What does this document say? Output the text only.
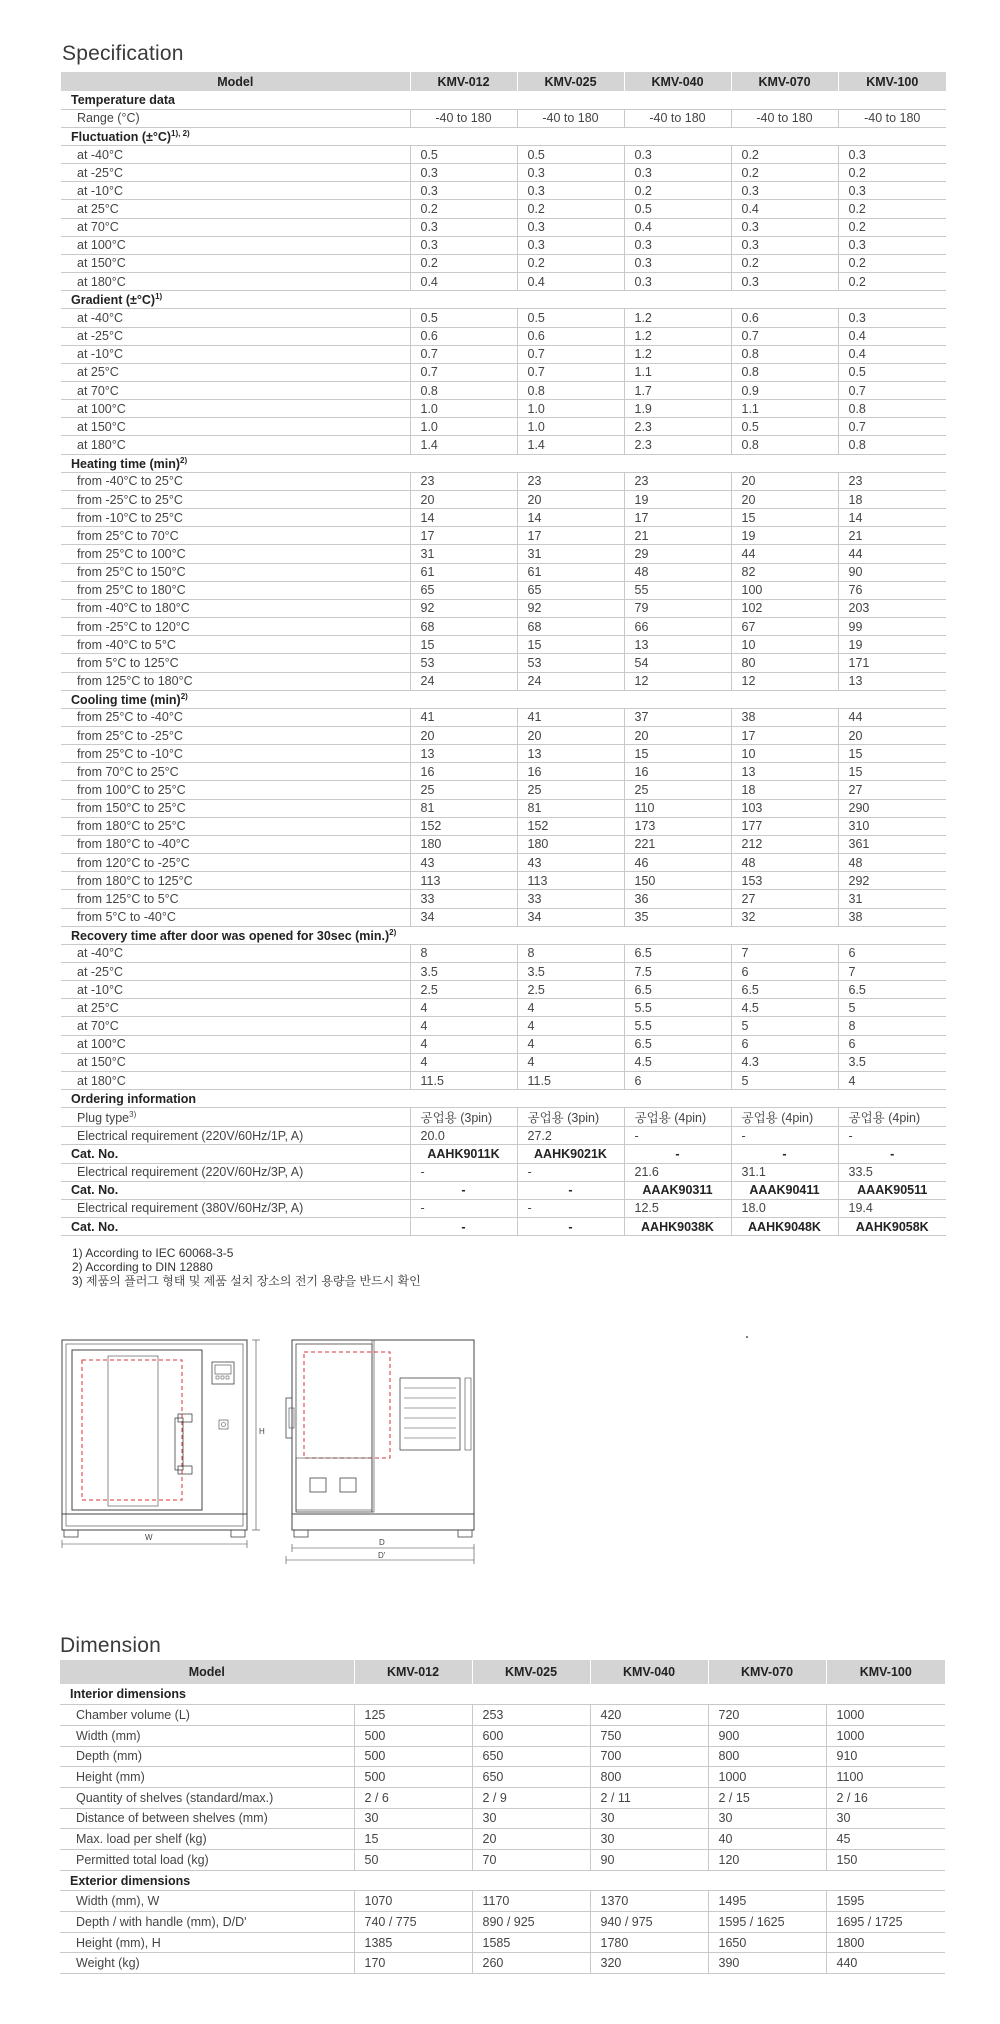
Specification
Model	KMV-012	KMV-025	KMV-040	KMV-070	KMV-100
Temperature data					
Range (°C)	-40 to 180	-40 to 180	-40 to 180	-40 to 180	-40 to 180
Fluctuation $(\pm^\circ C)^{1), 2)}$
at -40°C	0.5	0.5	0.3	0.2	0.3
at -25°C	0.3	0.3	0.3	0.2	0.2
at -10°C	0.3	0.3	0.2	0.3	0.3
at 25°C	0.2	0.2	0.5	0.4	0.2
at 70°C	0.3	0.3	0.4	0.3	0.2
at 100°C	0.3	0.3	0.3	0.3	0.3
at 150°C	0.2	0.2	0.3	0.2	0.2
at 180°C	0.4	0.4	0.3	0.3	0.2
Gradient $(\pm^\circ C)^{1)}$
at -40°C	0.5	0.5	1.2	0.6	0.3
at -25°C	0.6	0.6	1.2	0.7	0.4
at -10°C	0.7	0.7	1.2	0.8	0.4
at 25°C	0.7	0.7	1.1	0.8	0.5
at 70°C	0.8	0.8	1.7	0.9	0.7
at 100°C	1.0	1.0	1.9	1.1	0.8
at 150°C	1.0	1.0	2.3	0.5	0.7
at 180°C	1.4	1.4	2.3	0.8	0.8
Heating time $(\min)^{2)}$
from -40°C to 25°C	23	23	23	20	23
from -25°C to 25°C	20	20	19	20	18
from -10°C to 25°C	14	14	17	15	14
from 25°C to 70°C	17	17	21	19	21
from 25°C to 100°C	31	31	29	44	44
from 25°C to 150°C	61	61	48	82	90
from 25°C to 180°C	65	65	55	100	76
from -40°C to 180°C	92	92	79	102	203
from -25°C to 120°C	68	68	66	67	99
from -40°C to 5°C	15	15	13	10	19
from 5°C to 125°C	53	53	54	80	171
from 125°C to 180°C	24	24	12	12	13
Cooling time $(\min)^{2)}$
from 25°C to -40°C	41	41	37	38	44
from 25°C to -25°C	20	20	20	17	20
from 25°C to -10°C	13	13	15	10	15
from 70°C to 25°C	16	16	16	13	15
from 100°C to 25°C	25	25	25	18	27
from 150°C to 25°C	81	81	110	103	290
from 180°C to 25°C	152	152	173	177	310
from 180°C to -40°C	180	180	221	212	361
from 120°C to -25°C	43	43	46	48	48
from 180°C to 125°C	113	113	150	153	292
from 125°C to 5°C	33	33	36	27	31
from 5°C to -40°C	34	34	35	32	38
Recovery time after door was opened for 30sec $(\min.)^{2)}$
at -40°C	8	8	6.5	7	6
at -25°C	3.5	3.5	7.5	6	7
at -10°C	2.5	2.5	6.5	6.5	6.5
at 25°C	4	4	5.5	4.5	5
at 70°C	4	4	5.5	5	8
at 100°C	4	4	6.5	6	6
at 150°C	4	4	4.5	4.3	3.5
at 180°C	11.5	11.5	6	5	4
Ordering information					
Plug type$^{3)}$	공업용 (3pin)	공업용 (3pin)	공업용 (4pin)	공업용 (4pin)	공업용 (4pin)
Electrical requirement (220V/60Hz/1P, A)	20.0	27.2	-	-	-
Cat. No.	AAHK9011K	AAHK9021K	-	-	-
Electrical requirement (220V/60Hz/3P, A)	-	-	21.6	31.1	33.5
Cat. No.	-	-	AAAK90311	AAAK90411	AAAK90511
Electrical requirement (380V/60Hz/3P, A)	-	-	12.5	18.0	19.4
Cat. No.	-	-	AAHK9038K	AAHK9048K	AAHK9058K
1) According to IEC 60068-3-5
2) According to DIN 12880
3) 제품의 플러그 형태 및 제품 설치 장소의 전기 용량을 반드시 확인
W
H
D
D'
Dimension
Model	KMV-012	KMV-025	KMV-040	KMV-070	KMV-100
Interior dimensions					
Chamber volume (L)	125	253	420	720	1000
Width (mm)	500	600	750	900	1000
Depth (mm)	500	650	700	800	910
Height (mm)	500	650	800	1000	1100
Quantity of shelves (standard/max.)	2 / 6	2 / 9	2 / 11	2 / 15	2 / 16
Distance of between shelves (mm)	30	30	30	30	30
Max. load per shelf (kg)	15	20	30	40	45
Permitted total load (kg)	50	70	90	120	150
Exterior dimensions					
Width (mm), W	1070	1170	1370	1495	1595
Depth / with handle (mm), D/D'	740 / 775	890 / 925	940 / 975	1595 / 1625	1695 / 1725
Height (mm), H	1385	1585	1780	1650	1800
Weight (kg)	170	260	320	390	440
